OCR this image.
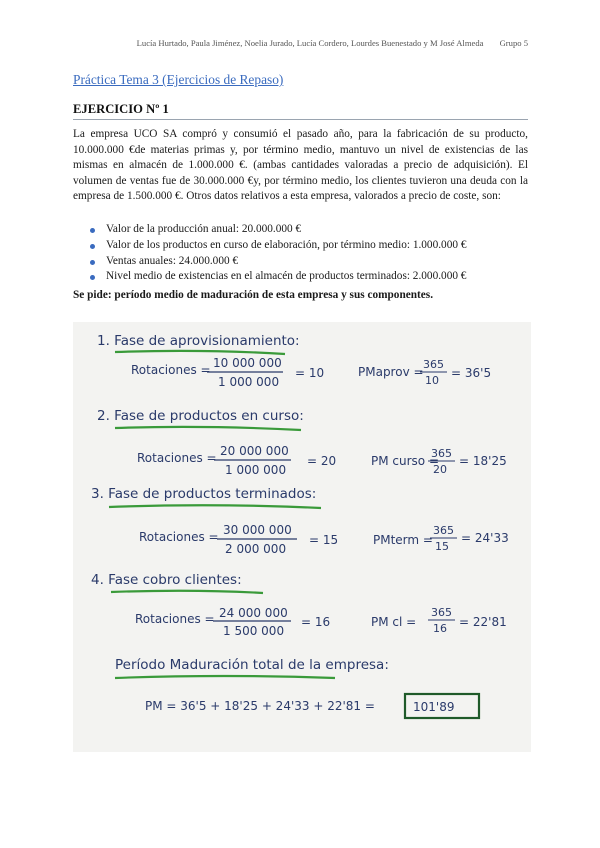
Lucía Hurtado, Paula Jiménez, Noelia Jurado, Lucía Cordero, Lourdes Buenestado y M José Almeda Grupo 5
Práctica Tema 3 (Ejercicios de Repaso)
EJERCICIO Nº 1
La empresa UCO SA compró y consumió el pasado año, para la fabricación de su producto, 10.000.000 €de materias primas y, por término medio, mantuvo un nivel de existencias de las mismas en almacén de 1.000.000 €. (ambas cantidades valoradas a precio de adquisición). El volumen de ventas fue de 30.000.000 €y, por término medio, los clientes tuvieron una deuda con la empresa de 1.500.000 €. Otros datos relativos a esta empresa, valorados a precio de coste, son:
Valor de la producción anual: 20.000.000 €
Valor de los productos en curso de elaboración, por término medio: 1.000.000 €
Ventas anuales: 24.000.000 €
Nivel medio de existencias en el almacén de productos terminados: 2.000.000 €
Se pide: período medio de maduración de esta empresa y sus componentes.
1. Fase de aprovisionamiento:
Rotaciones = 10 000 000
1 000 000
= 10	PMaprov =
365
10
= 36'5
2. Fase de productos en curso:
Rotaciones = 20 000 000
1 000 000
= 20	PM curso =
365
20
= 18'25
3. Fase de productos terminados:
Rotaciones = 30 000 000
2 000 000
= 15	PMterm =
365
15
= 24'33
4. Fase cobro clientes:
Rotaciones = 24 000 000
1 500 000
= 16	PM cl =
365
16 = 22'81
Período Maduración total de la empresa:
PM = 36'5 + 18'25 + 24'33 + 22'81 =	101'89
